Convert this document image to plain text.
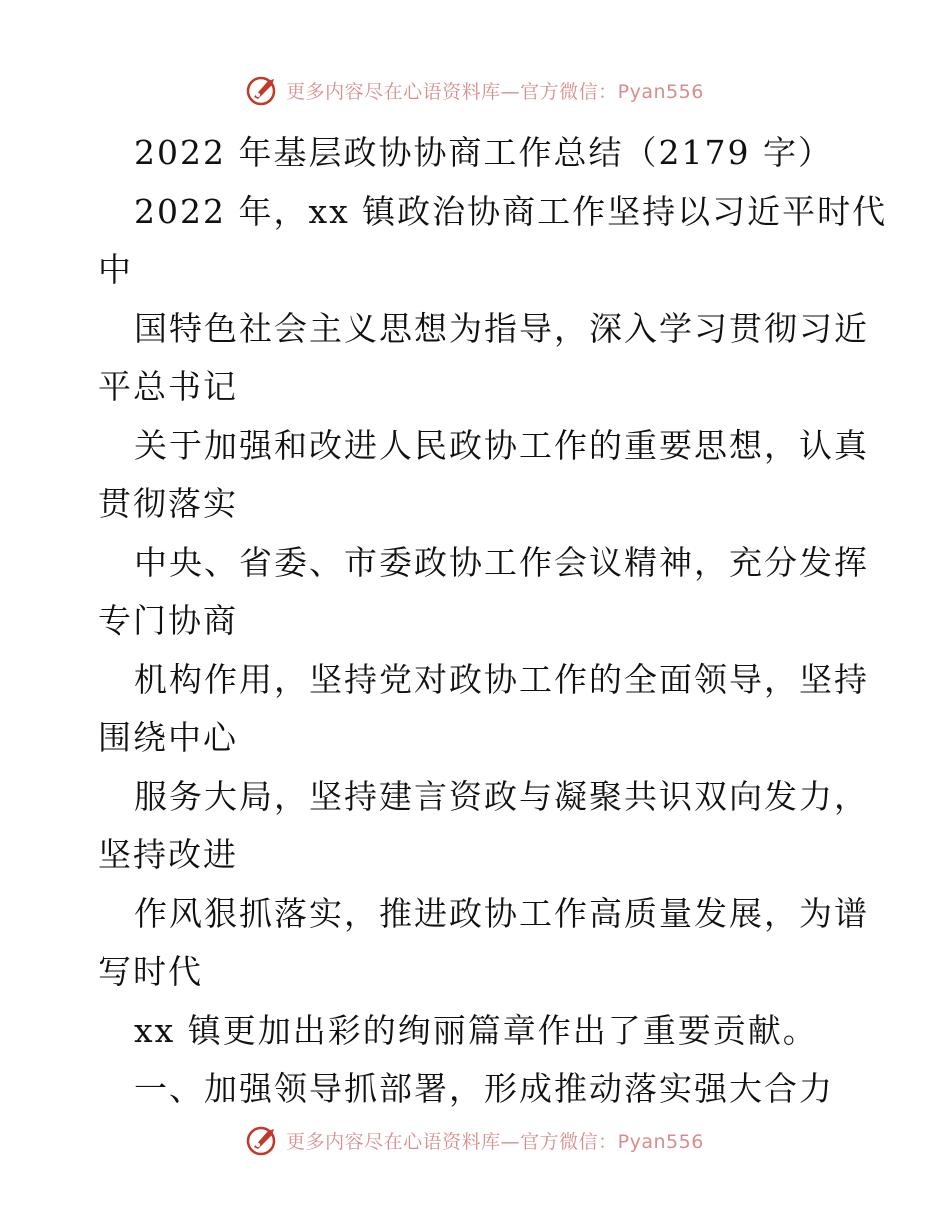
更多内容尽在心语资料库—官方微信：Pyan556
2022 年基层政协协商工作总结（2179 字）
2022 年，xx 镇政治协商工作坚持以习近平时代
中
国特色社会主义思想为指导，深入学习贯彻习近
平总书记
关于加强和改进人民政协工作的重要思想，认真
贯彻落实
中央、省委、市委政协工作会议精神，充分发挥
专门协商
机构作用，坚持党对政协工作的全面领导，坚持
围绕中心
服务大局，坚持建言资政与凝聚共识双向发力，
坚持改进
作风狠抓落实，推进政协工作高质量发展，为谱
写时代
xx 镇更加出彩的绚丽篇章作出了重要贡献。
一、加强领导抓部署，形成推动落实强大合力
更多内容尽在心语资料库—官方微信：Pyan556
